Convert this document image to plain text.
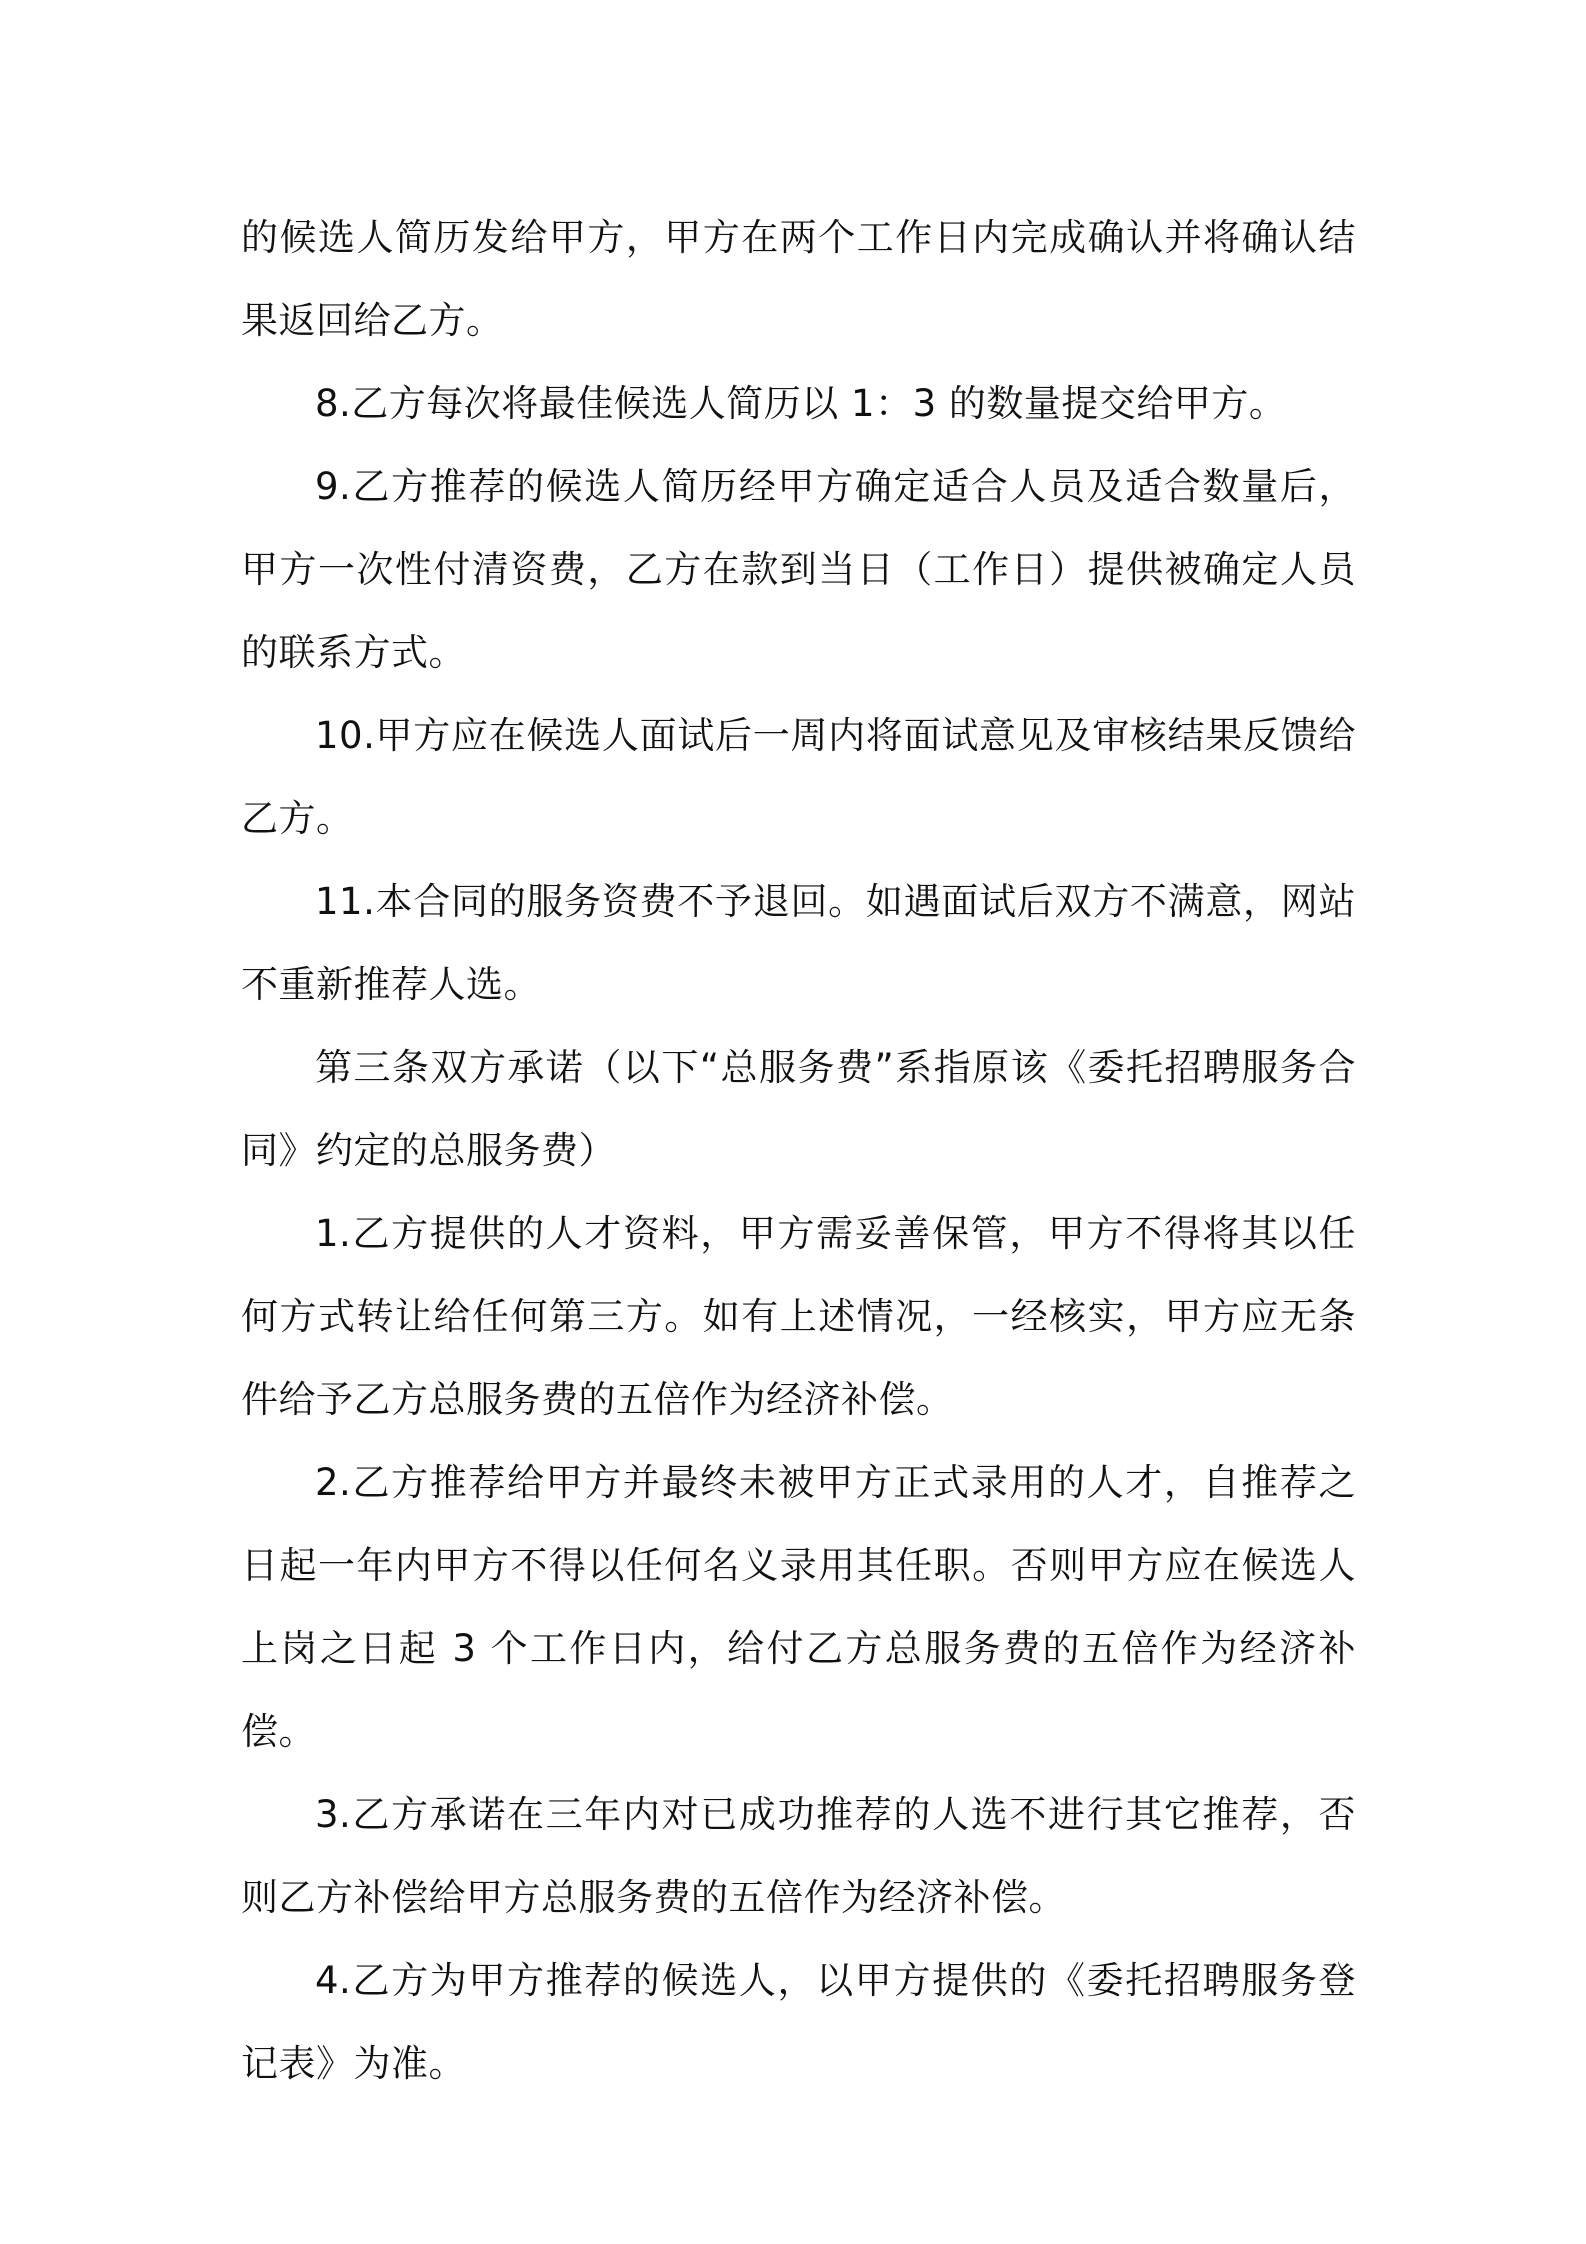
的候选人简历发给甲方，甲方在两个工作日内完成确认并将确认结果返回给乙方。

8.乙方每次将最佳候选人简历以 1：3 的数量提交给甲方。

9.乙方推荐的候选人简历经甲方确定适合人员及适合数量后，甲方一次性付清资费，乙方在款到当日（工作日）提供被确定人员的联系方式。

10.甲方应在候选人面试后一周内将面试意见及审核结果反馈给乙方。

11.本合同的服务资费不予退回。如遇面试后双方不满意，网站不重新推荐人选。

第三条双方承诺（以下“总服务费”系指原该《委托招聘服务合同》约定的总服务费）

1.乙方提供的人才资料，甲方需妥善保管，甲方不得将其以任何方式转让给任何第三方。如有上述情况，一经核实，甲方应无条件给予乙方总服务费的五倍作为经济补偿。

2.乙方推荐给甲方并最终未被甲方正式录用的人才，自推荐之日起一年内甲方不得以任何名义录用其任职。否则甲方应在候选人上岗之日起 3 个工作日内，给付乙方总服务费的五倍作为经济补偿。

3.乙方承诺在三年内对已成功推荐的人选不进行其它推荐，否则乙方补偿给甲方总服务费的五倍作为经济补偿。

4.乙方为甲方推荐的候选人，以甲方提供的《委托招聘服务登记表》为准。
